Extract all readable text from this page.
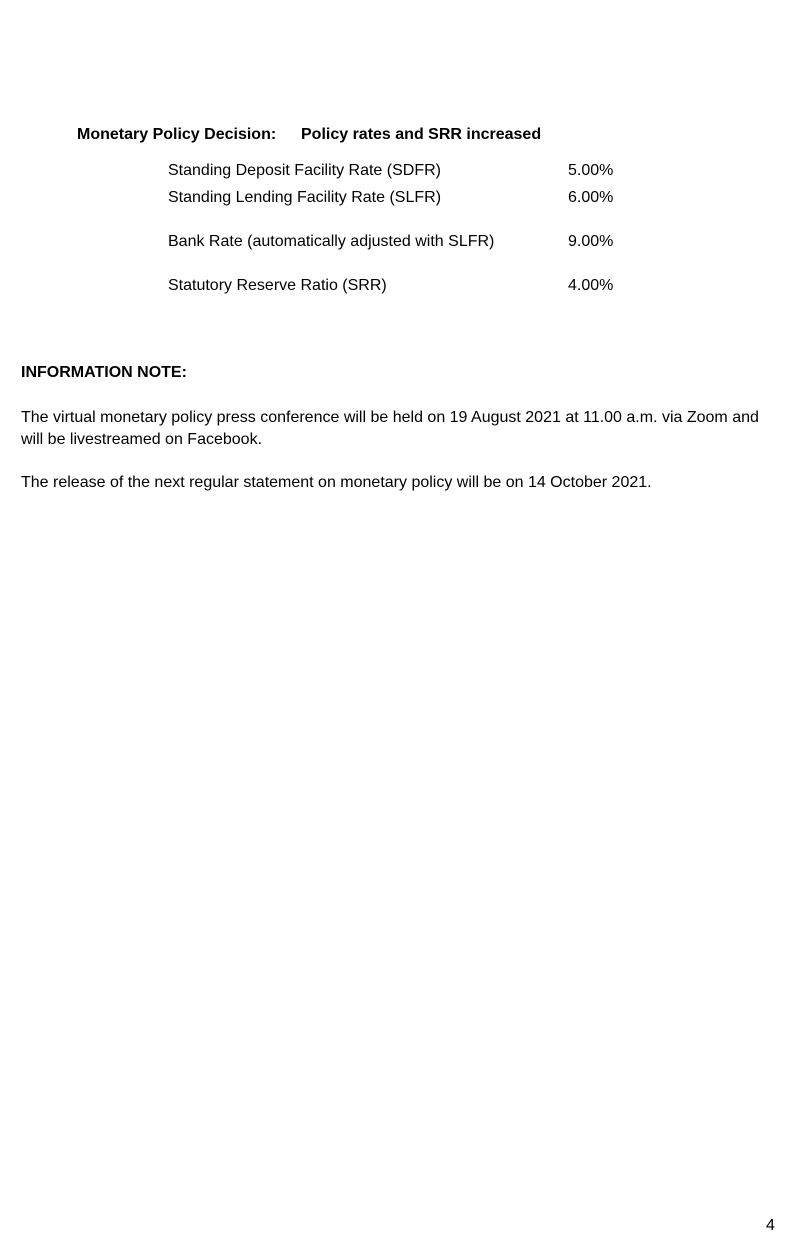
Monetary Policy Decision: Policy rates and SRR increased
Standing Deposit Facility Rate (SDFR)	5.00%
Standing Lending Facility Rate (SLFR)	6.00%
Bank Rate (automatically adjusted with SLFR)	9.00%
Statutory Reserve Ratio (SRR)	4.00%
INFORMATION NOTE:
The virtual monetary policy press conference will be held on 19 August 2021 at 11.00 a.m. via Zoom and will be livestreamed on Facebook.
The release of the next regular statement on monetary policy will be on 14 October 2021.
4
